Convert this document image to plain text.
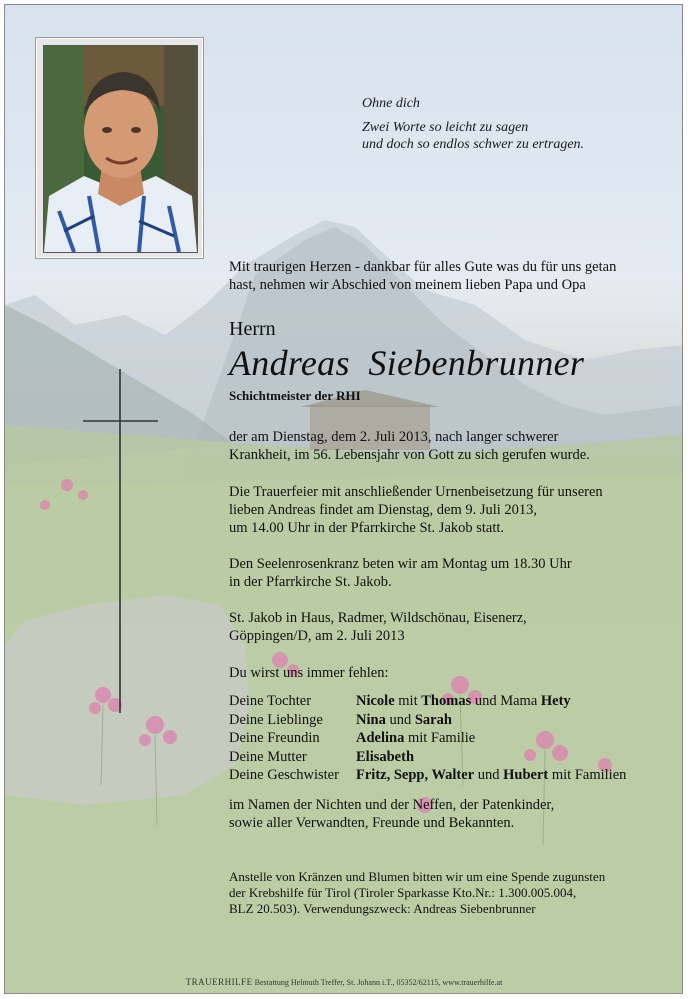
Ohne dich
Zwei Worte so leicht zu sagen
und doch so endlos schwer zu ertragen.
Mit traurigen Herzen - dankbar für alles Gute was du für uns getan
hast, nehmen wir Abschied von meinem lieben Papa und Opa
Herrn
Andreas  Siebenbrunner
Schichtmeister der RHI
der am Dienstag, dem 2. Juli 2013, nach langer schwerer
Krankheit, im 56. Lebensjahr von Gott zu sich gerufen wurde.
Die Trauerfeier mit anschließender Urnenbeisetzung für unseren
lieben Andreas findet am Dienstag, dem 9. Juli 2013,
um 14.00 Uhr in der Pfarrkirche St. Jakob statt.
Den Seelenrosenkranz beten wir am Montag um 18.30 Uhr
in der Pfarrkirche St. Jakob.
St. Jakob in Haus, Radmer, Wildschönau, Eisenerz,
Göppingen/D, am 2. Juli 2013
Du wirst uns immer fehlen:
Deine Tochter	Nicole mit Thomas und Mama Hety
Deine Lieblinge Nina und Sarah
Deine Freundin	Adelina mit Familie
Deine Mutter	Elisabeth
Deine Geschwister Fritz, Sepp, Walter und Hubert mit Familien
im Namen der Nichten und der Neffen, der Patenkinder,
sowie aller Verwandten, Freunde und Bekannten.
Anstelle von Kränzen und Blumen bitten wir um eine Spende zugunsten
der Krebshilfe für Tirol (Tiroler Sparkasse Kto.Nr.: 1.300.005.004,
BLZ 20.503). Verwendungszweck: Andreas Siebenbrunner
TRAUERHILFE Bestattung Helmuth Treffer, St. Johann i.T., 05352/62115, www.trauerhilfe.at
